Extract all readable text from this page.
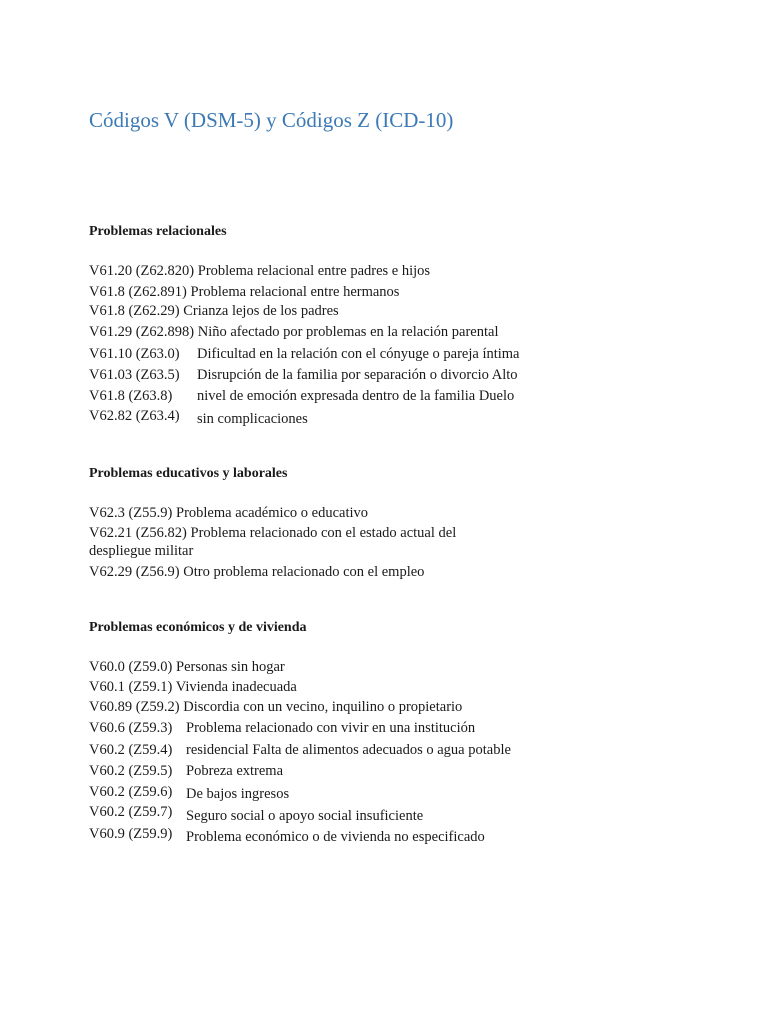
Códigos V (DSM-5) y Códigos Z (ICD-10)
Problemas relacionales
V61.20 (Z62.820) Problema relacional entre padres e hijos
V61.8 (Z62.891) Problema relacional entre hermanos
V61.8 (Z62.29) Crianza lejos de los padres
V61.29 (Z62.898) Niño afectado por problemas en la relación parental
V61.10 (Z63.0) Dificultad en la relación con el cónyuge o pareja íntima
V61.03 (Z63.5) Disrupción de la familia por separación o divorcio Alto
V61.8 (Z63.8) nivel de emoción expresada dentro de la familia Duelo
V62.82 (Z63.4) sin complicaciones
Problemas educativos y laborales
V62.3 (Z55.9) Problema académico o educativo
V62.21 (Z56.82) Problema relacionado con el estado actual del
despliegue militar
V62.29 (Z56.9) Otro problema relacionado con el empleo
Problemas económicos y de vivienda
V60.0 (Z59.0) Personas sin hogar
V60.1 (Z59.1) Vivienda inadecuada
V60.89 (Z59.2) Discordia con un vecino, inquilino o propietario
V60.6 (Z59.3) Problema relacionado con vivir en una institución
V60.2 (Z59.4) residencial Falta de alimentos adecuados o agua potable
V60.2 (Z59.5) Pobreza extrema
V60.2 (Z59.6) De bajos ingresos
V60.2 (Z59.7) Seguro social o apoyo social insuficiente
V60.9 (Z59.9) Problema económico o de vivienda no especificado
